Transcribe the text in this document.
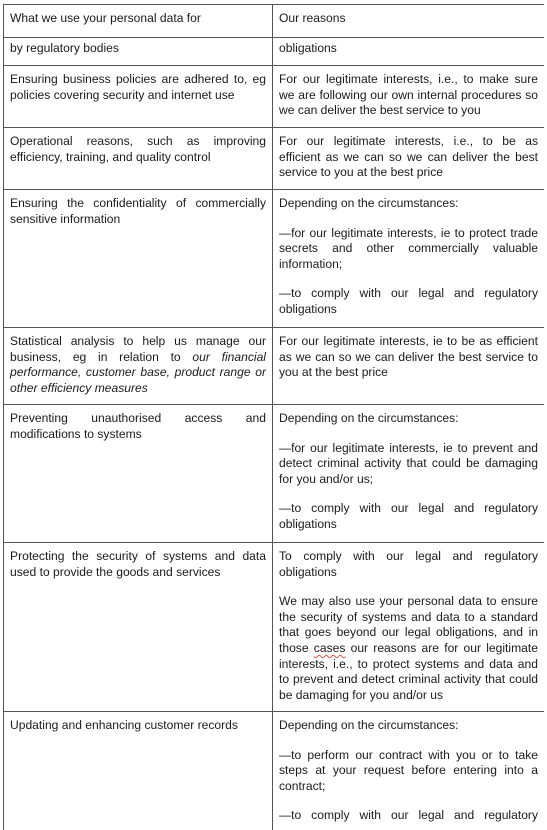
What we use your personal data for	Our reasons
by regulatory bodies	obligations
Ensuring business policies are adhered to, eg policies covering security and internet use	For our legitimate interests, i.e., to make sure we are following our own internal procedures so we can deliver the best service to you

Operational reasons, such as improving efficiency, training, and quality control	For our legitimate interests, i.e., to be as efficient as we can so we can deliver the best service to you at the best price

Ensuring the confidentiality of commercially sensitive information	Depending on the circumstances:

—for our legitimate interests, ie to protect trade secrets and other commercially valuable information;

—to comply with our legal and regulatory obligations

Statistical analysis to help us manage our business, eg in relation to our financial performance, customer base, product range or other efficiency measures	For our legitimate interests, ie to be as efficient as we can so we can deliver the best service to you at the best price

Preventing unauthorised access and modifications to systems	Depending on the circumstances:

—for our legitimate interests, ie to prevent and detect criminal activity that could be damaging for you and/or us;

—to comply with our legal and regulatory obligations

Protecting the security of systems and data used to provide the goods and services	To comply with our legal and regulatory obligations

We may also use your personal data to ensure the security of systems and data to a standard that goes beyond our legal obligations, and in those cases our reasons are for our legitimate interests, i.e., to protect systems and data and to prevent and detect criminal activity that could be damaging for you and/or us

Updating and enhancing customer records	Depending on the circumstances:

—to perform our contract with you or to take steps at your request before entering into a contract;

—to comply with our legal and regulatory
